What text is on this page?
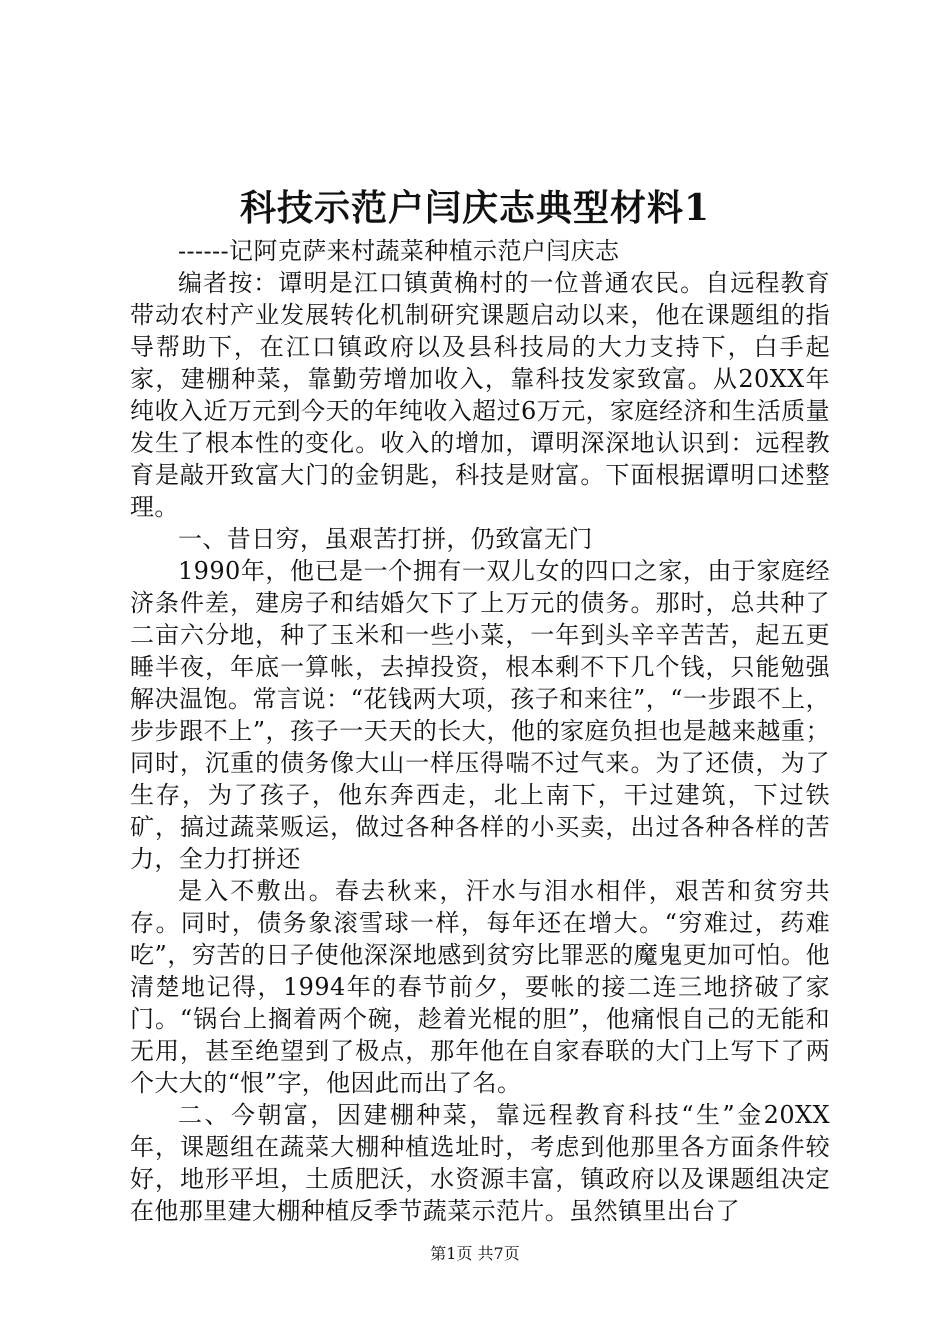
科技示范户闫庆志典型材料1

------记阿克萨来村蔬菜种植示范户闫庆志

编者按：谭明是江口镇黄桷村的一位普通农民。自远程教育带动农村产业发展转化机制研究课题启动以来，他在课题组的指导帮助下，在江口镇政府以及县科技局的大力支持下，白手起家，建棚种菜，靠勤劳增加收入，靠科技发家致富。从20XX年纯收入近万元到今天的年纯收入超过6万元，家庭经济和生活质量发生了根本性的变化。收入的增加，谭明深深地认识到：远程教育是敲开致富大门的金钥匙，科技是财富。下面根据谭明口述整理。

一、昔日穷，虽艰苦打拼，仍致富无门

1990年，他已是一个拥有一双儿女的四口之家，由于家庭经济条件差，建房子和结婚欠下了上万元的债务。那时，总共种了二亩六分地，种了玉米和一些小菜，一年到头辛辛苦苦，起五更睡半夜，年底一算帐，去掉投资，根本剩不下几个钱，只能勉强解决温饱。常言说：“花钱两大项，孩子和来往”，“一步跟不上，步步跟不上”，孩子一天天的长大，他的家庭负担也是越来越重；同时，沉重的债务像大山一样压得喘不过气来。为了还债，为了生存，为了孩子，他东奔西走，北上南下，干过建筑，下过铁矿，搞过蔬菜贩运，做过各种各样的小买卖，出过各种各样的苦力，全力打拼还

是入不敷出。春去秋来，汗水与泪水相伴，艰苦和贫穷共存。同时，债务象滚雪球一样，每年还在增大。“穷难过，药难吃”，穷苦的日子使他深深地感到贫穷比罪恶的魔鬼更加可怕。他清楚地记得，1994年的春节前夕，要帐的接二连三地挤破了家门。“锅台上搁着两个碗，趁着光棍的胆”，他痛恨自己的无能和无用，甚至绝望到了极点，那年他在自家春联的大门上写下了两个大大的“恨”字，他因此而出了名。

二、今朝富，因建棚种菜，靠远程教育科技“生”金20XX年，课题组在蔬菜大棚种植选址时，考虑到他那里各方面条件较好，地形平坦，土质肥沃，水资源丰富，镇政府以及课题组决定在他那里建大棚种植反季节蔬菜示范片。虽然镇里出台了

第1页 共7页
